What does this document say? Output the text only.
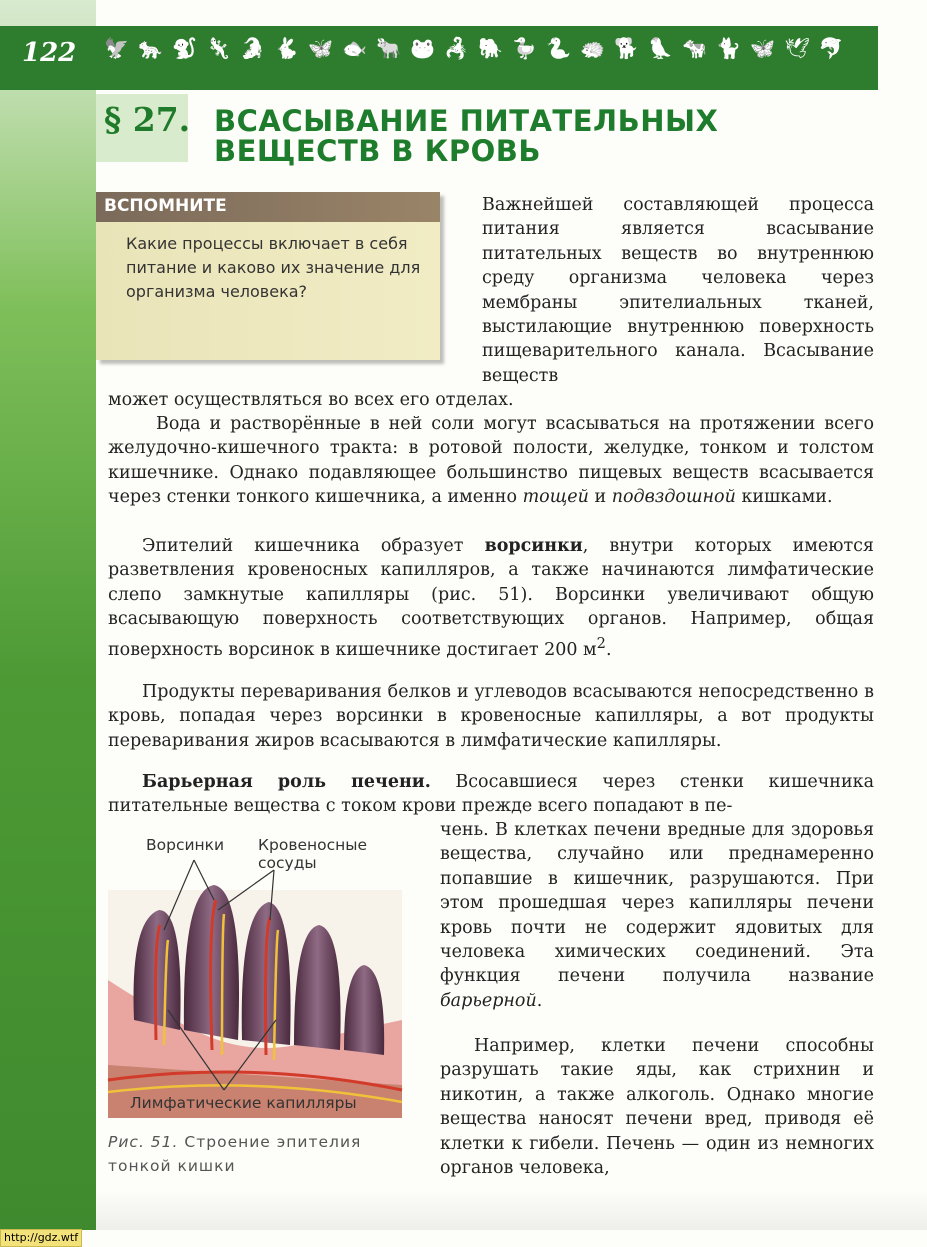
122 🦅 🐆 🐒 🦎 🐊 🐇 🦋 🐟 🐂 🐸 🦂 🐘 🦆 🐍 🦔 🐕 🦜 🐄 🐈 🦋 🕊 🐬
§ 27. ВСАСЫВАНИЕ ПИТАТЕЛЬНЫХ
ВЕЩЕСТВ В КРОВЬ
ВСПОМНИТЕ
Какие процессы включает в себя питание и каково их значение для организма человека?
Важнейшей составляющей процесса питания является всасывание питательных веществ во внутреннюю среду организма человека через мембраны эпителиальных тканей, выстилающие внутреннюю поверхность пищеварительного канала. Всасывание веществ
может осуществляться во всех его отделах.
Вода и растворённые в ней соли могут всасываться на протяжении всего желудочно-кишечного тракта: в ротовой полости, желудке, тонком и толстом кишечнике. Однако подавляющее большинство пищевых веществ всасывается через стенки тонкого кишечника, а именно тощей и подвздошной кишками.
Эпителий кишечника образует ворсинки, внутри которых имеются разветвления кровеносных капилляров, а также начинаются лимфатические слепо замкнутые капилляры (рис. 51). Ворсинки увеличивают общую всасывающую поверхность соответствующих органов. Например, общая поверхность ворсинок в кишечнике достигает 200 $м^2$.
Продукты переваривания белков и углеводов всасываются непосредственно в кровь, попадая через ворсинки в кровеносные капилляры, а вот продукты переваривания жиров всасываются в лимфатические капилляры.
Барьерная роль печени. Всосавшиеся через стенки кишечника питательные вещества с током крови прежде всего попадают в пе-
чень. В клетках печени вредные для здоровья вещества, случайно или преднамеренно попавшие в кишечник, разрушаются. При этом прошедшая через капилляры печени кровь почти не содержит ядовитых для человека химических соединений. Эта функция печени получила название барьерной.
Например, клетки печени способны разрушать такие яды, как стрихнин и никотин, а также алкоголь. Однако многие вещества наносят печени вред, приводя её клетки к гибели. Печень — один из немногих органов человека,
Ворсинки Кровеносные сосуды
Лимфатические капилляры
Рис. 51. Строение эпителия тонкой кишки
http://gdz.wtf
